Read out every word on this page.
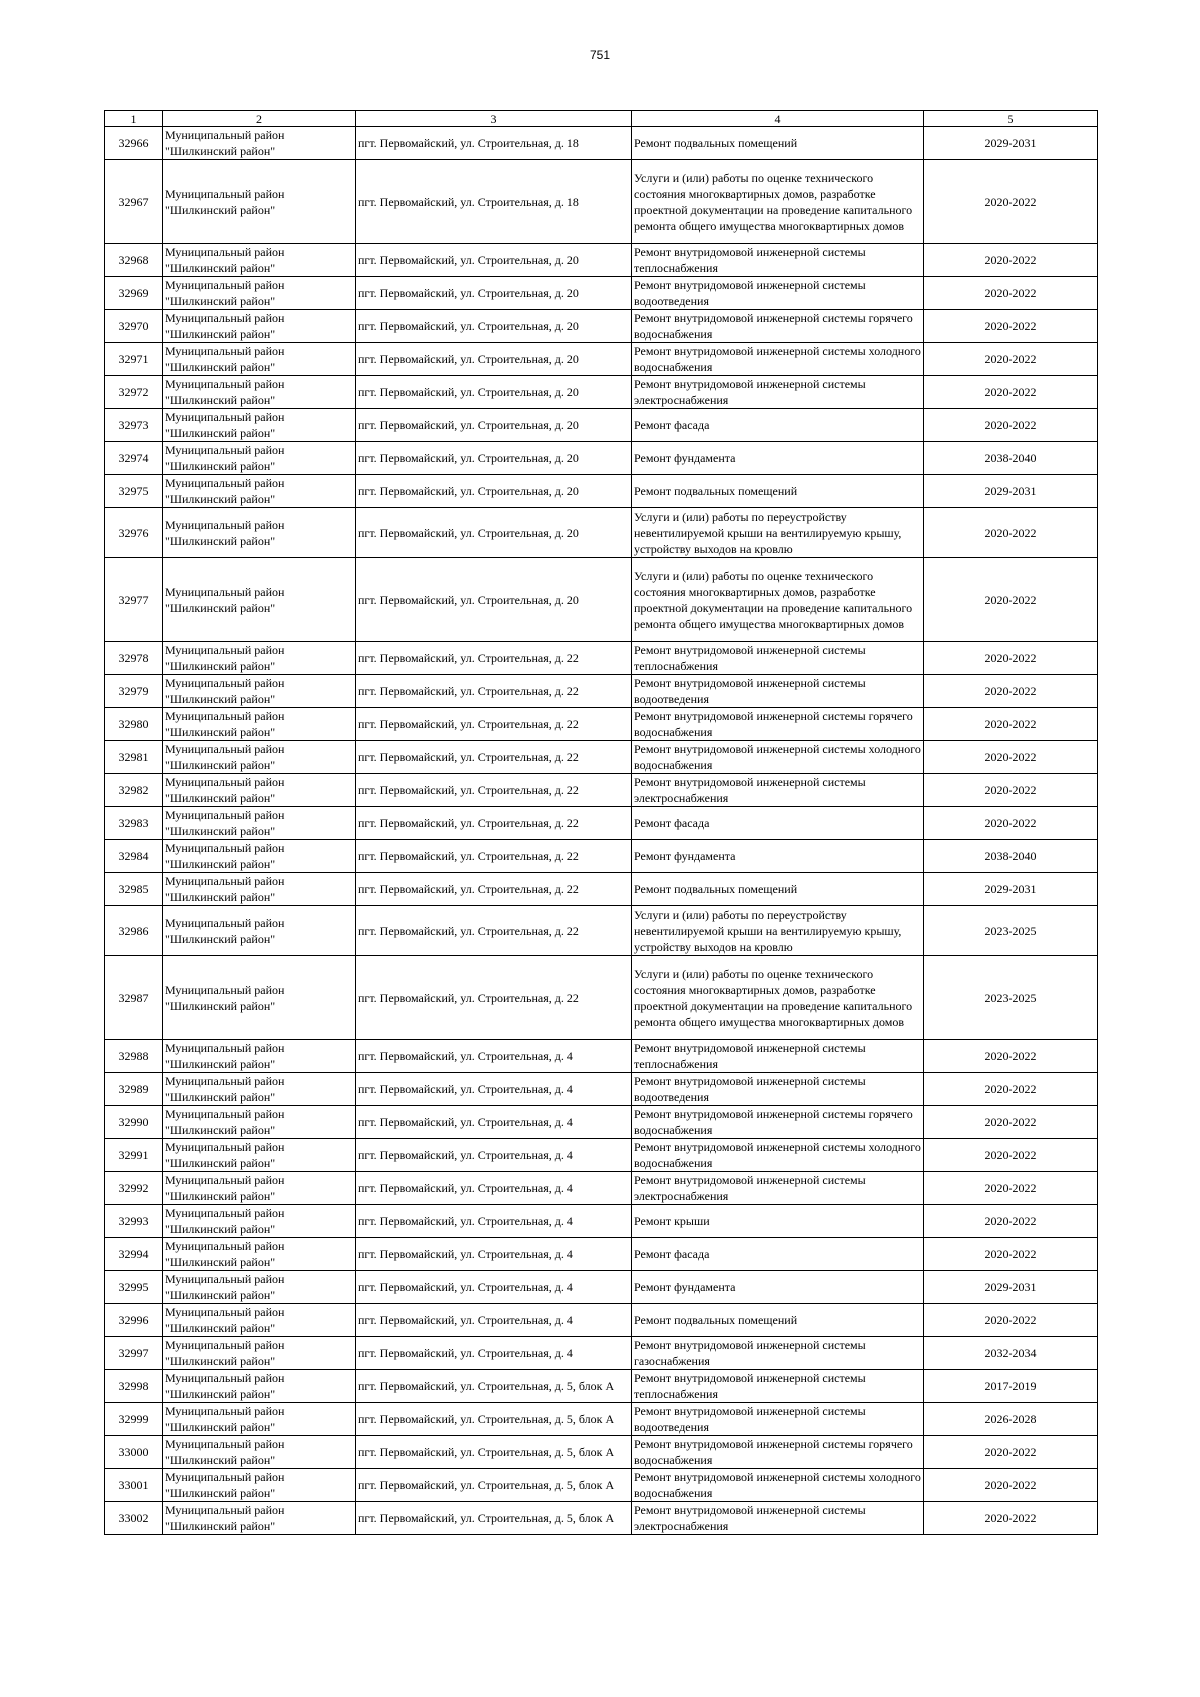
751
1	2	3	4	5
32966	Муниципальный район "Шилкинский район"	пгт. Первомайский, ул. Строительная, д. 18	Ремонт подвальных помещений	2029-2031
32967	Муниципальный район "Шилкинский район"	пгт. Первомайский, ул. Строительная, д. 18	Услуги и (или) работы по оценке технического состояния многоквартирных домов, разработке проектной документации на проведение капитального ремонта общего имущества многоквартирных домов	2020-2022
32968	Муниципальный район "Шилкинский район"	пгт. Первомайский, ул. Строительная, д. 20	Ремонт внутридомовой инженерной системы теплоснабжения	2020-2022
32969	Муниципальный район "Шилкинский район"	пгт. Первомайский, ул. Строительная, д. 20	Ремонт внутридомовой инженерной системы водоотведения	2020-2022
32970	Муниципальный район "Шилкинский район"	пгт. Первомайский, ул. Строительная, д. 20	Ремонт внутридомовой инженерной системы горячего водоснабжения	2020-2022
32971	Муниципальный район "Шилкинский район"	пгт. Первомайский, ул. Строительная, д. 20	Ремонт внутридомовой инженерной системы холодного водоснабжения	2020-2022
32972	Муниципальный район "Шилкинский район"	пгт. Первомайский, ул. Строительная, д. 20	Ремонт внутридомовой инженерной системы электроснабжения	2020-2022
32973	Муниципальный район "Шилкинский район"	пгт. Первомайский, ул. Строительная, д. 20	Ремонт фасада	2020-2022
32974	Муниципальный район "Шилкинский район"	пгт. Первомайский, ул. Строительная, д. 20	Ремонт фундамента	2038-2040
32975	Муниципальный район "Шилкинский район"	пгт. Первомайский, ул. Строительная, д. 20	Ремонт подвальных помещений	2029-2031
32976	Муниципальный район "Шилкинский район"	пгт. Первомайский, ул. Строительная, д. 20	Услуги и (или) работы по переустройству невентилируемой крыши на вентилируемую крышу, устройству выходов на кровлю	2020-2022
32977	Муниципальный район "Шилкинский район"	пгт. Первомайский, ул. Строительная, д. 20	Услуги и (или) работы по оценке технического состояния многоквартирных домов, разработке проектной документации на проведение капитального ремонта общего имущества многоквартирных домов	2020-2022
32978	Муниципальный район "Шилкинский район"	пгт. Первомайский, ул. Строительная, д. 22	Ремонт внутридомовой инженерной системы теплоснабжения	2020-2022
32979	Муниципальный район "Шилкинский район"	пгт. Первомайский, ул. Строительная, д. 22	Ремонт внутридомовой инженерной системы водоотведения	2020-2022
32980	Муниципальный район "Шилкинский район"	пгт. Первомайский, ул. Строительная, д. 22	Ремонт внутридомовой инженерной системы горячего водоснабжения	2020-2022
32981	Муниципальный район "Шилкинский район"	пгт. Первомайский, ул. Строительная, д. 22	Ремонт внутридомовой инженерной системы холодного водоснабжения	2020-2022
32982	Муниципальный район "Шилкинский район"	пгт. Первомайский, ул. Строительная, д. 22	Ремонт внутридомовой инженерной системы электроснабжения	2020-2022
32983	Муниципальный район "Шилкинский район"	пгт. Первомайский, ул. Строительная, д. 22	Ремонт фасада	2020-2022
32984	Муниципальный район "Шилкинский район"	пгт. Первомайский, ул. Строительная, д. 22	Ремонт фундамента	2038-2040
32985	Муниципальный район "Шилкинский район"	пгт. Первомайский, ул. Строительная, д. 22	Ремонт подвальных помещений	2029-2031
32986	Муниципальный район "Шилкинский район"	пгт. Первомайский, ул. Строительная, д. 22	Услуги и (или) работы по переустройству невентилируемой крыши на вентилируемую крышу, устройству выходов на кровлю	2023-2025
32987	Муниципальный район "Шилкинский район"	пгт. Первомайский, ул. Строительная, д. 22	Услуги и (или) работы по оценке технического состояния многоквартирных домов, разработке проектной документации на проведение капитального ремонта общего имущества многоквартирных домов	2023-2025
32988	Муниципальный район "Шилкинский район"	пгт. Первомайский, ул. Строительная, д. 4	Ремонт внутридомовой инженерной системы теплоснабжения	2020-2022
32989	Муниципальный район "Шилкинский район"	пгт. Первомайский, ул. Строительная, д. 4	Ремонт внутридомовой инженерной системы водоотведения	2020-2022
32990	Муниципальный район "Шилкинский район"	пгт. Первомайский, ул. Строительная, д. 4	Ремонт внутридомовой инженерной системы горячего водоснабжения	2020-2022
32991	Муниципальный район "Шилкинский район"	пгт. Первомайский, ул. Строительная, д. 4	Ремонт внутридомовой инженерной системы холодного водоснабжения	2020-2022
32992	Муниципальный район "Шилкинский район"	пгт. Первомайский, ул. Строительная, д. 4	Ремонт внутридомовой инженерной системы электроснабжения	2020-2022
32993	Муниципальный район "Шилкинский район"	пгт. Первомайский, ул. Строительная, д. 4	Ремонт крыши	2020-2022
32994	Муниципальный район "Шилкинский район"	пгт. Первомайский, ул. Строительная, д. 4	Ремонт фасада	2020-2022
32995	Муниципальный район "Шилкинский район"	пгт. Первомайский, ул. Строительная, д. 4	Ремонт фундамента	2029-2031
32996	Муниципальный район "Шилкинский район"	пгт. Первомайский, ул. Строительная, д. 4	Ремонт подвальных помещений	2020-2022
32997	Муниципальный район "Шилкинский район"	пгт. Первомайский, ул. Строительная, д. 4	Ремонт внутридомовой инженерной системы газоснабжения	2032-2034
32998	Муниципальный район "Шилкинский район"	пгт. Первомайский, ул. Строительная, д. 5, блок А	Ремонт внутридомовой инженерной системы теплоснабжения	2017-2019
32999	Муниципальный район "Шилкинский район"	пгт. Первомайский, ул. Строительная, д. 5, блок А	Ремонт внутридомовой инженерной системы водоотведения	2026-2028
33000	Муниципальный район "Шилкинский район"	пгт. Первомайский, ул. Строительная, д. 5, блок А	Ремонт внутридомовой инженерной системы горячего водоснабжения	2020-2022
33001	Муниципальный район "Шилкинский район"	пгт. Первомайский, ул. Строительная, д. 5, блок А	Ремонт внутридомовой инженерной системы холодного водоснабжения	2020-2022
33002	Муниципальный район "Шилкинский район"	пгт. Первомайский, ул. Строительная, д. 5, блок А	Ремонт внутридомовой инженерной системы электроснабжения	2020-2022
